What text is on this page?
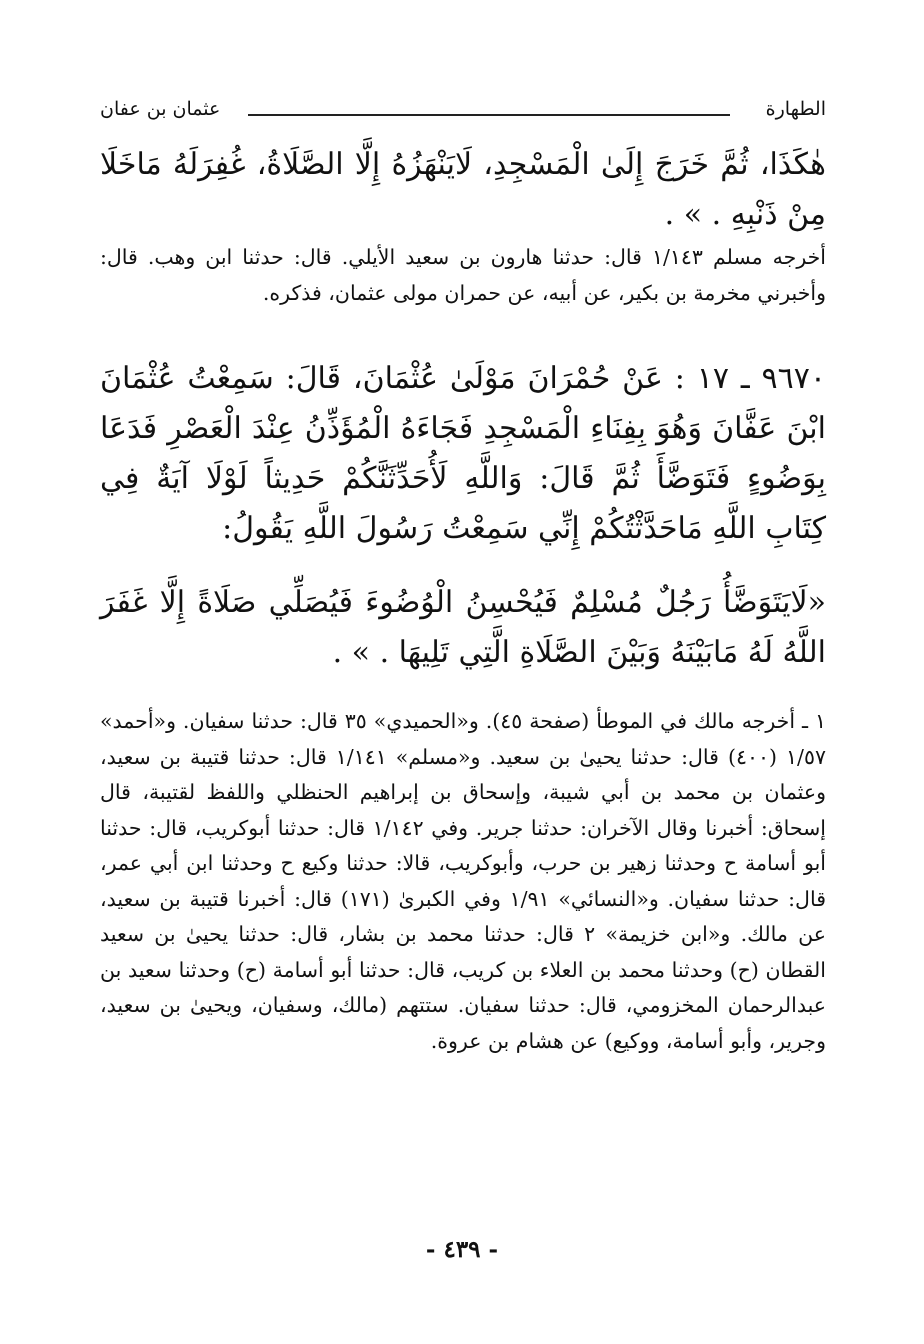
الطهارة
عثمان بن عفان

هٰكَذَا، ثُمَّ خَرَجَ إِلَىٰ الْمَسْجِدِ، لَايَنْهَزُهُ إِلَّا الصَّلَاةُ، غُفِرَلَهُ مَاخَلَا مِنْ ذَنْبِهِ . » .

أخرجه مسلم ١/١٤٣ قال: حدثنا هارون بن سعيد الأيلي. قال: حدثنا ابن وهب. قال: وأخبرني مخرمة بن بكير، عن أبيه، عن حمران مولى عثمان، فذكره.

٩٦٧٠ ـ ١٧ : عَنْ حُمْرَانَ مَوْلَىٰ عُثْمَانَ، قَالَ: سَمِعْتُ عُثْمَانَ ابْنَ عَفَّانَ وَهُوَ بِفِنَاءِ الْمَسْجِدِ فَجَاءَهُ الْمُؤَذِّنُ عِنْدَ الْعَصْرِ فَدَعَا بِوَضُوءٍ فَتَوَضَّأَ ثُمَّ قَالَ: وَاللَّهِ لَأُحَدِّثَنَّكُمْ حَدِيثاً لَوْلَا آيَةٌ فِي كِتَابِ اللَّهِ مَاحَدَّثْتُكُمْ إِنِّي سَمِعْتُ رَسُولَ اللَّهِ يَقُولُ:

«لَايَتَوَضَّأُ رَجُلٌ مُسْلِمٌ فَيُحْسِنُ الْوُضُوءَ فَيُصَلِّي صَلَاةً إِلَّا غَفَرَ اللَّهُ لَهُ مَابَيْنَهُ وَبَيْنَ الصَّلَاةِ الَّتِي تَلِيهَا . » .

١ ـ أخرجه مالك في الموطأ (صفحة ٤٥). و«الحميدي» ٣٥ قال: حدثنا سفيان. و«أحمد» ١/٥٧ (٤٠٠) قال: حدثنا يحيىٰ بن سعيد. و«مسلم» ١/١٤١ قال: حدثنا قتيبة بن سعيد، وعثمان بن محمد بن أبي شيبة، وإسحاق بن إبراهيم الحنظلي واللفظ لقتيبة، قال إسحاق: أخبرنا وقال الآخران: حدثنا جرير. وفي ١/١٤٢ قال: حدثنا أبوكريب، قال: حدثنا أبو أسامة ح وحدثنا زهير بن حرب، وأبوكريب، قالا: حدثنا وكيع ح وحدثنا ابن أبي عمر، قال: حدثنا سفيان. و«النسائي» ١/٩١ وفي الكبرىٰ (١٧١) قال: أخبرنا قتيبة بن سعيد، عن مالك. و«ابن خزيمة» ٢ قال: حدثنا محمد بن بشار، قال: حدثنا يحيىٰ بن سعيد القطان (ح) وحدثنا محمد بن العلاء بن كريب، قال: حدثنا أبو أسامة (ح) وحدثنا سعيد بن عبدالرحمان المخزومي، قال: حدثنا سفيان. ستتهم (مالك، وسفيان، ويحيىٰ بن سعيد، وجرير، وأبو أسامة، ووكيع) عن هشام بن عروة.

- ٤٣٩ -
